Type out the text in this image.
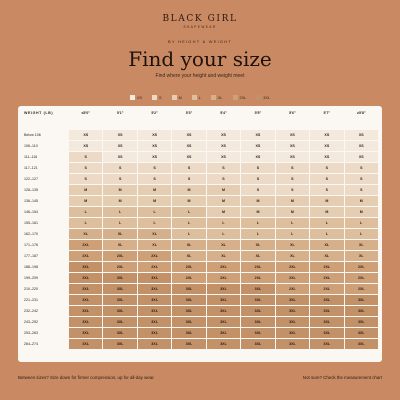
BLACK GIRL
SHAPEWEAR
BY HEIGHT & WEIGHT
Find your size
Find where your height and weight meet
XS	S	M	L	XL	2XL	3XL
WEIGHT (LB)	≤5'0"	5'1"	5'2"	5'3"	5'4"	5'5"	5'6"	5'7"	≥5'8"
Below 106	XS	XS	XS	XS	XS	XS	XS	XS	XS
106–110	XS	XS	XS	XS	XS	XS	XS	XS	XS
111–116	S	XS	XS	XS	XS	XS	XS	XS	XS
117–121	S	S	S	S	S	S	S	S	S
122–127	S	S	S	S	S	S	S	S	S
128–135	M	M	M	M	M	S	S	S	S
136–145	M	M	M	M	M	M	M	M	M
146–154	L	L	L	L	M	M	M	M	M
155–161	L	L	L	L	L	L	L	L	L
162–170	XL	XL	XL	L	L	L	L	L	L
171–176	2XL	XL	XL	XL	XL	XL	XL	XL	XL
177–187	2XL	2XL	2XL	XL	XL	XL	XL	XL	XL
188–198	3XL	2XL	2XL	2XL	2XL	2XL	2XL	2XL	2XL
199–209	3XL	3XL	3XL	2XL	2XL	2XL	2XL	2XL	2XL
210–220	3XL	3XL	3XL	3XL	3XL	3XL	2XL	2XL	2XL
221–231	3XL	3XL	3XL	3XL	3XL	3XL	3XL	3XL	3XL
232–242	3XL	3XL	3XL	3XL	3XL	3XL	3XL	3XL	3XL
243–252	3XL	3XL	3XL	3XL	3XL	3XL	3XL	3XL	3XL
253–263	3XL	3XL	3XL	3XL	3XL	3XL	3XL	3XL	3XL
264–274	3XL	3XL	3XL	3XL	3XL	3XL	3XL	3XL	3XL
Between sizes? Size down for firmer compression, up for all-day wear.	Not sure? Check the measurement chart
